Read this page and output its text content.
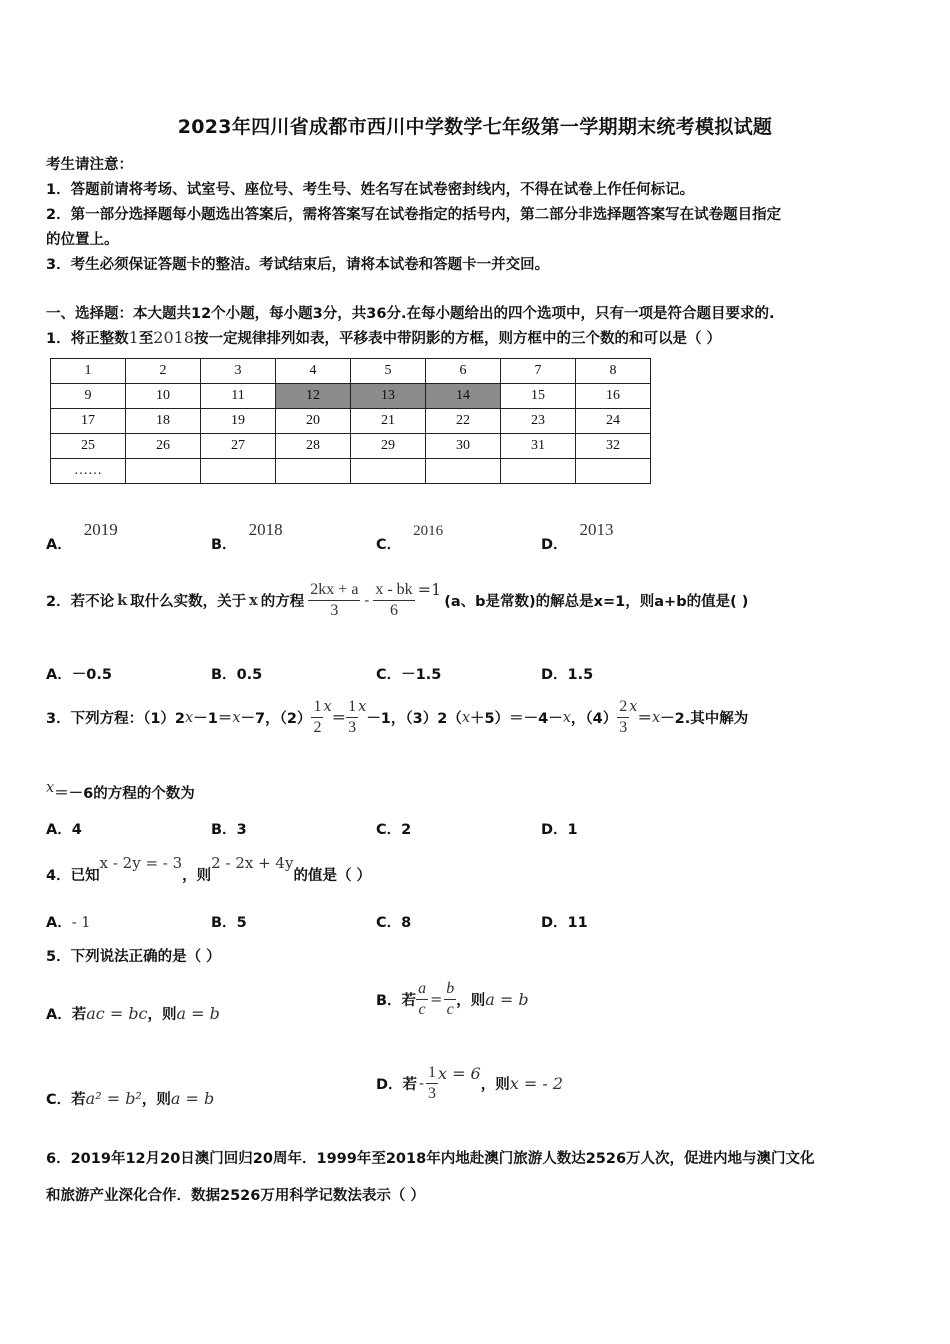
2023年四川省成都市西川中学数学七年级第一学期期末统考模拟试题
考生请注意：
1．答题前请将考场、试室号、座位号、考生号、姓名写在试卷密封线内，不得在试卷上作任何标记。
2．第一部分选择题每小题选出答案后，需将答案写在试卷指定的括号内，第二部分非选择题答案写在试卷题目指定
的位置上。
3．考生必须保证答题卡的整洁。考试结束后，请将本试卷和答题卡一并交回。
一、选择题：本大题共12个小题，每小题3分，共36分.在每小题给出的四个选项中，只有一项是符合题目要求的.
1．将正整数1至2018按一定规律排列如表，平移表中带阴影的方框，则方框中的三个数的和可以是（ ）
1	2	3	4	5	6	7	8
9	10	11	12	13	14	15	16
17	18	19	20	21	22	23	24
25	26	27	28	29	30	31	32
……							
A．2019
B．2018
C．2016
D．2013
2．若不论 k 取什么实数，关于 x 的方程 $\frac{2kx + a}{3} - \frac{x - bk}{6} =1$
(a、b是常数)的解总是x=1，则a+b的值是( )
A．－0.5	B．0.5	C．－1.5	D．1.5
3．下列方程：（1）2 x －1＝ x －7，$(2) \frac{1}{2}$ x
＝ $\frac{1}{3}$ x
－1，（3）2（ x ＋5）＝－4－ x ，$(4) \frac{2}{3}$ x
＝ x －2.其中解为
x＝－6的方程的个数为
A．4	B．3	C．2	D．1
4．已知x - 2y = - 3，则2 - 2x + 4y的值是（ ）
A．- 1	B．5	C．8	D．11
5．下列说法正确的是（ ）
A．若ac = bc，则a = b
B．若 $\frac{a}{c} = \frac{b}{c}$ ，则 a = b
C．若a² = b²，则a = b
D．若 - $\frac{1}{3}$ x = 6
，则 x = - 2
6．2019年12月20日澳门回归20周年．1999年至2018年内地赴澳门旅游人数达2526万人次，促进内地与澳门文化
和旅游产业深化合作．数据2526万用科学记数法表示（ ）
